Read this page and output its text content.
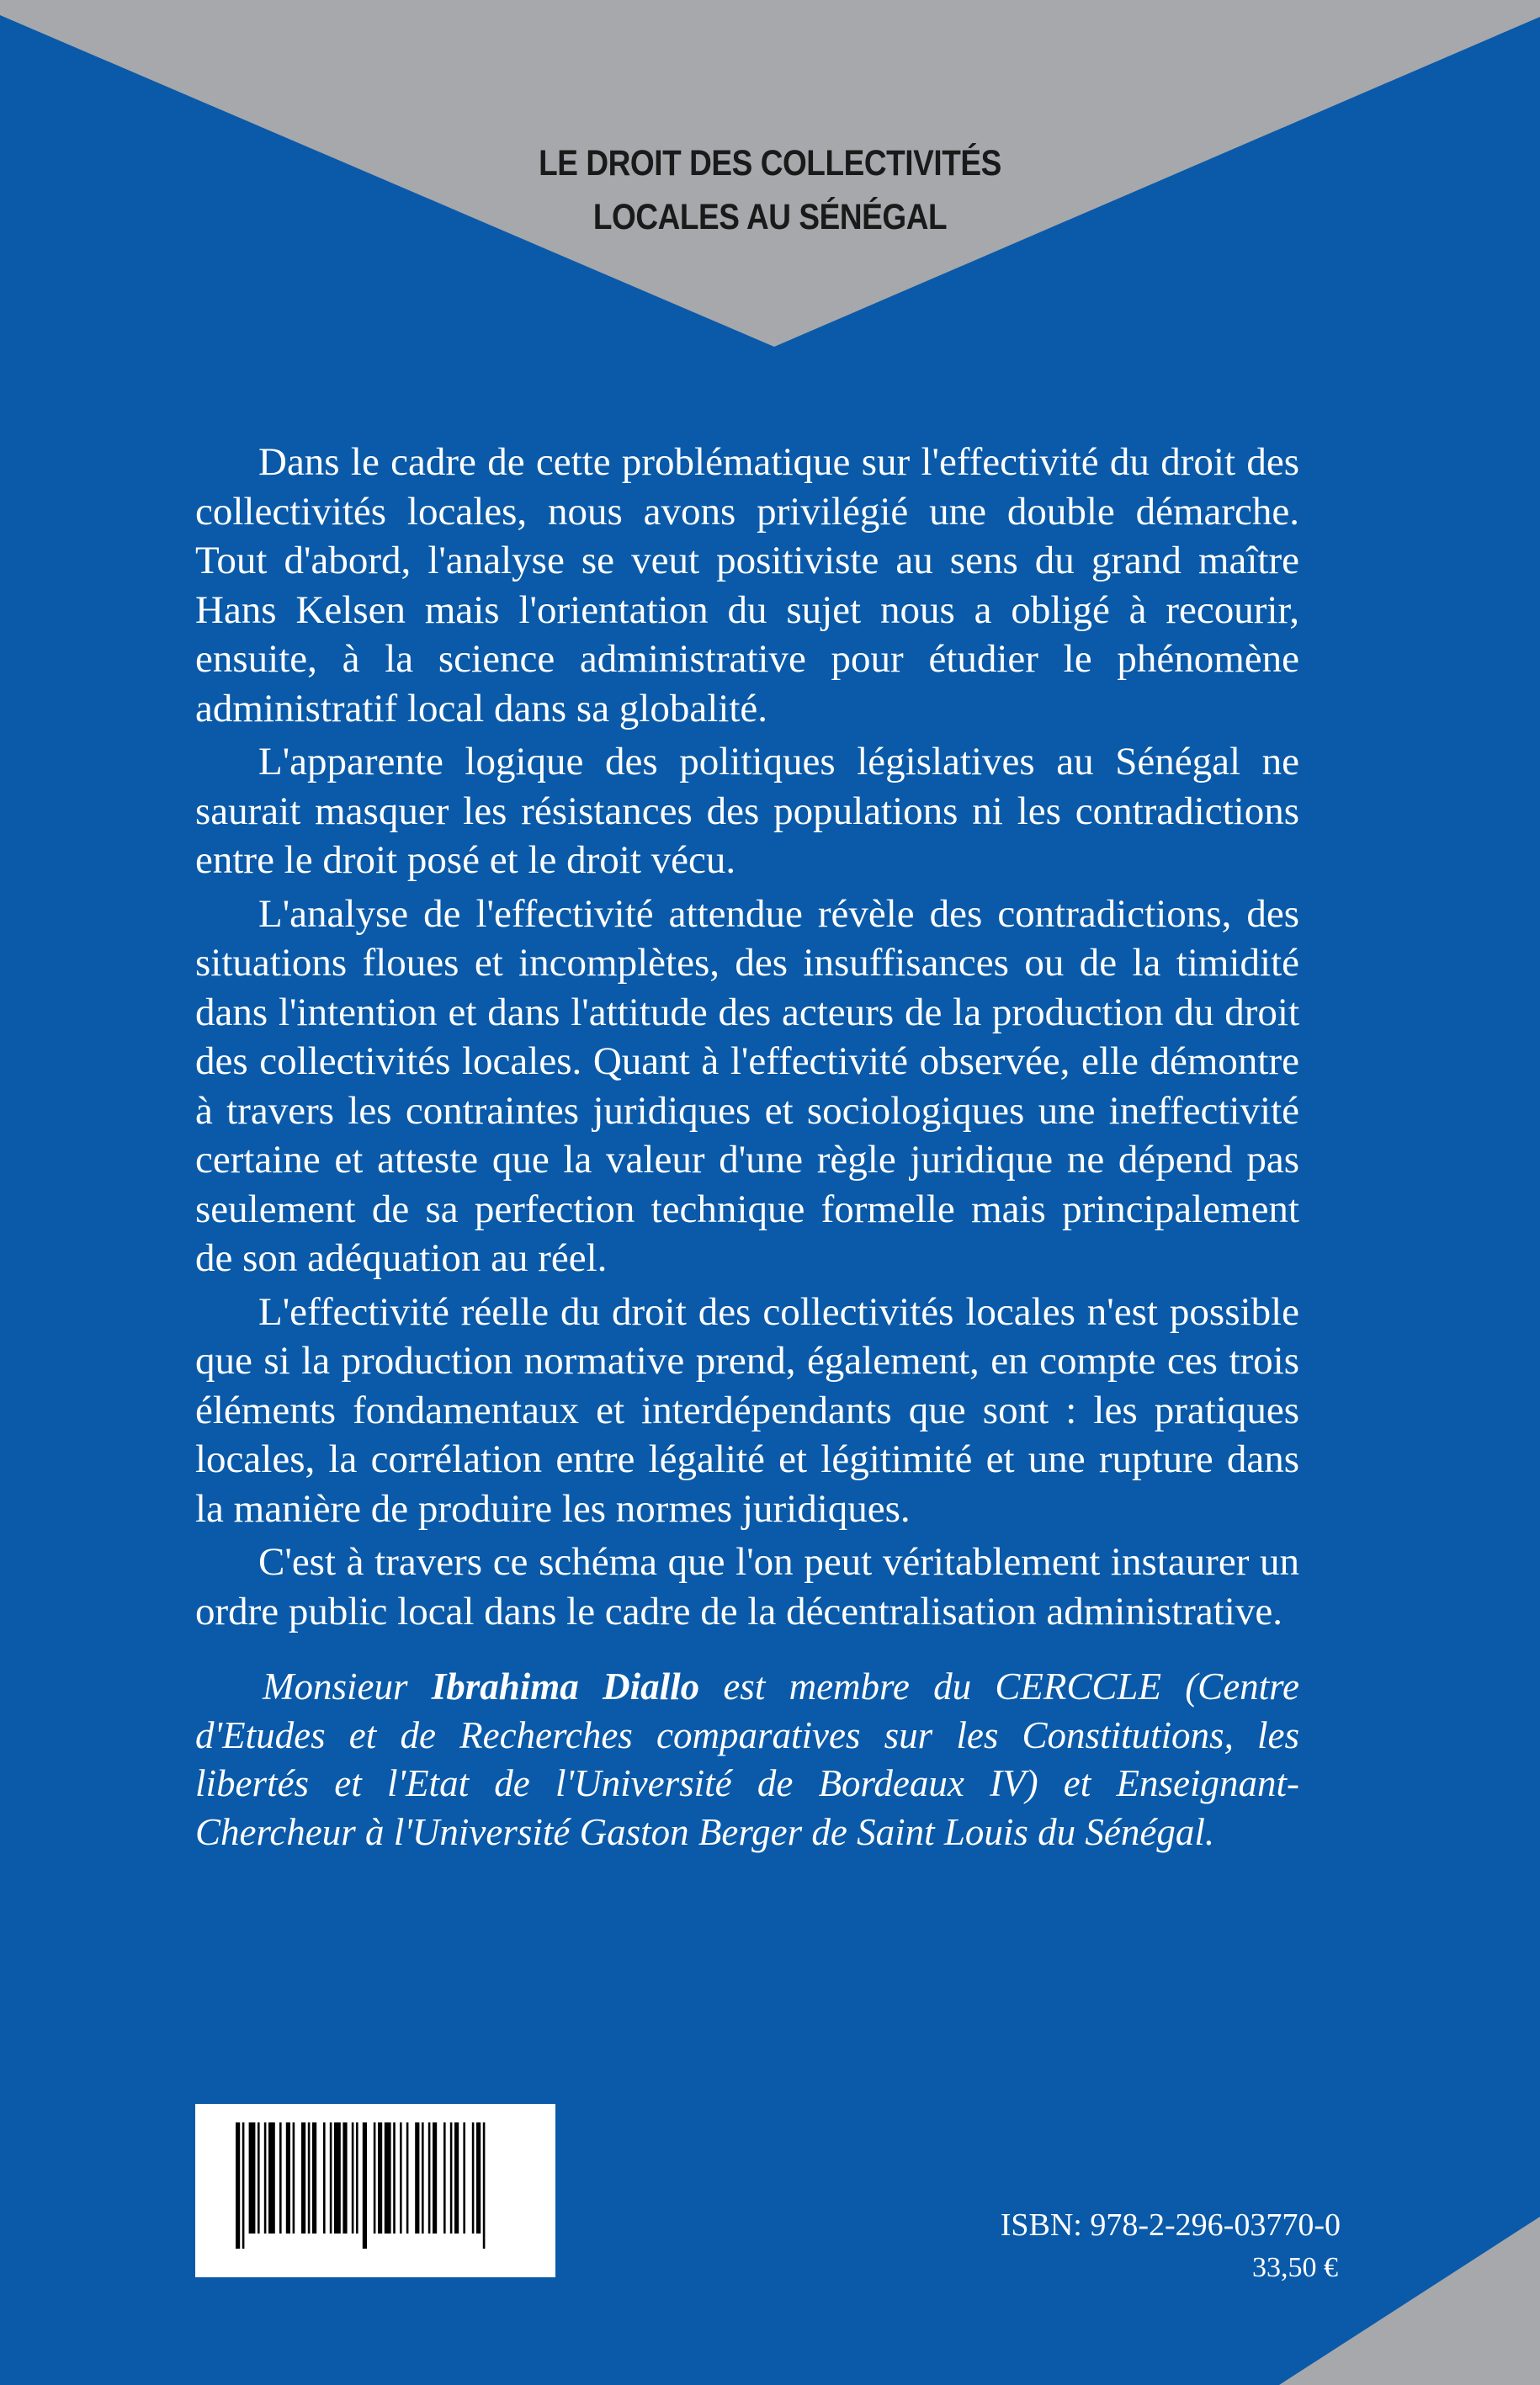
LE DROIT DES COLLECTIVITÉS
LOCALES AU SÉNÉGAL

Dans le cadre de cette problématique sur l'effectivité du droit des collectivités locales, nous avons privilégié une double démarche. Tout d'abord, l'analyse se veut positiviste au sens du grand maître Hans Kelsen mais l'orientation du sujet nous a obligé à recourir, ensuite, à la science administrative pour étudier le phénomène administratif local dans sa globalité.

L'apparente logique des politiques législatives au Sénégal ne saurait masquer les résistances des populations ni les contradictions entre le droit posé et le droit vécu.

L'analyse de l'effectivité attendue révèle des contradictions, des situations floues et incomplètes, des insuffisances ou de la timidité dans l'intention et dans l'attitude des acteurs de la production du droit des collectivités locales. Quant à l'effectivité observée, elle démontre à travers les contraintes juridiques et sociologiques une ineffectivité certaine et atteste que la valeur d'une règle juridique ne dépend pas seulement de sa perfection technique formelle mais principalement de son adéquation au réel.

L'effectivité réelle du droit des collectivités locales n'est possible que si la production normative prend, également, en compte ces trois éléments fondamentaux et interdépendants que sont : les pratiques locales, la corrélation entre légalité et légitimité et une rupture dans la manière de produire les normes juridiques.

C'est à travers ce schéma que l'on peut véritablement instaurer un ordre public local dans le cadre de la décentralisation administrative.

Monsieur Ibrahima Diallo est membre du CERCCLE (Centre d'Etudes et de Recherches comparatives sur les Constitutions, les libertés et l'Etat de l'Université de Bordeaux IV) et Enseignant-Chercheur à l'Université Gaston Berger de Saint Louis du Sénégal.

ISBN: 978-2-296-03770-0
33,50 €
